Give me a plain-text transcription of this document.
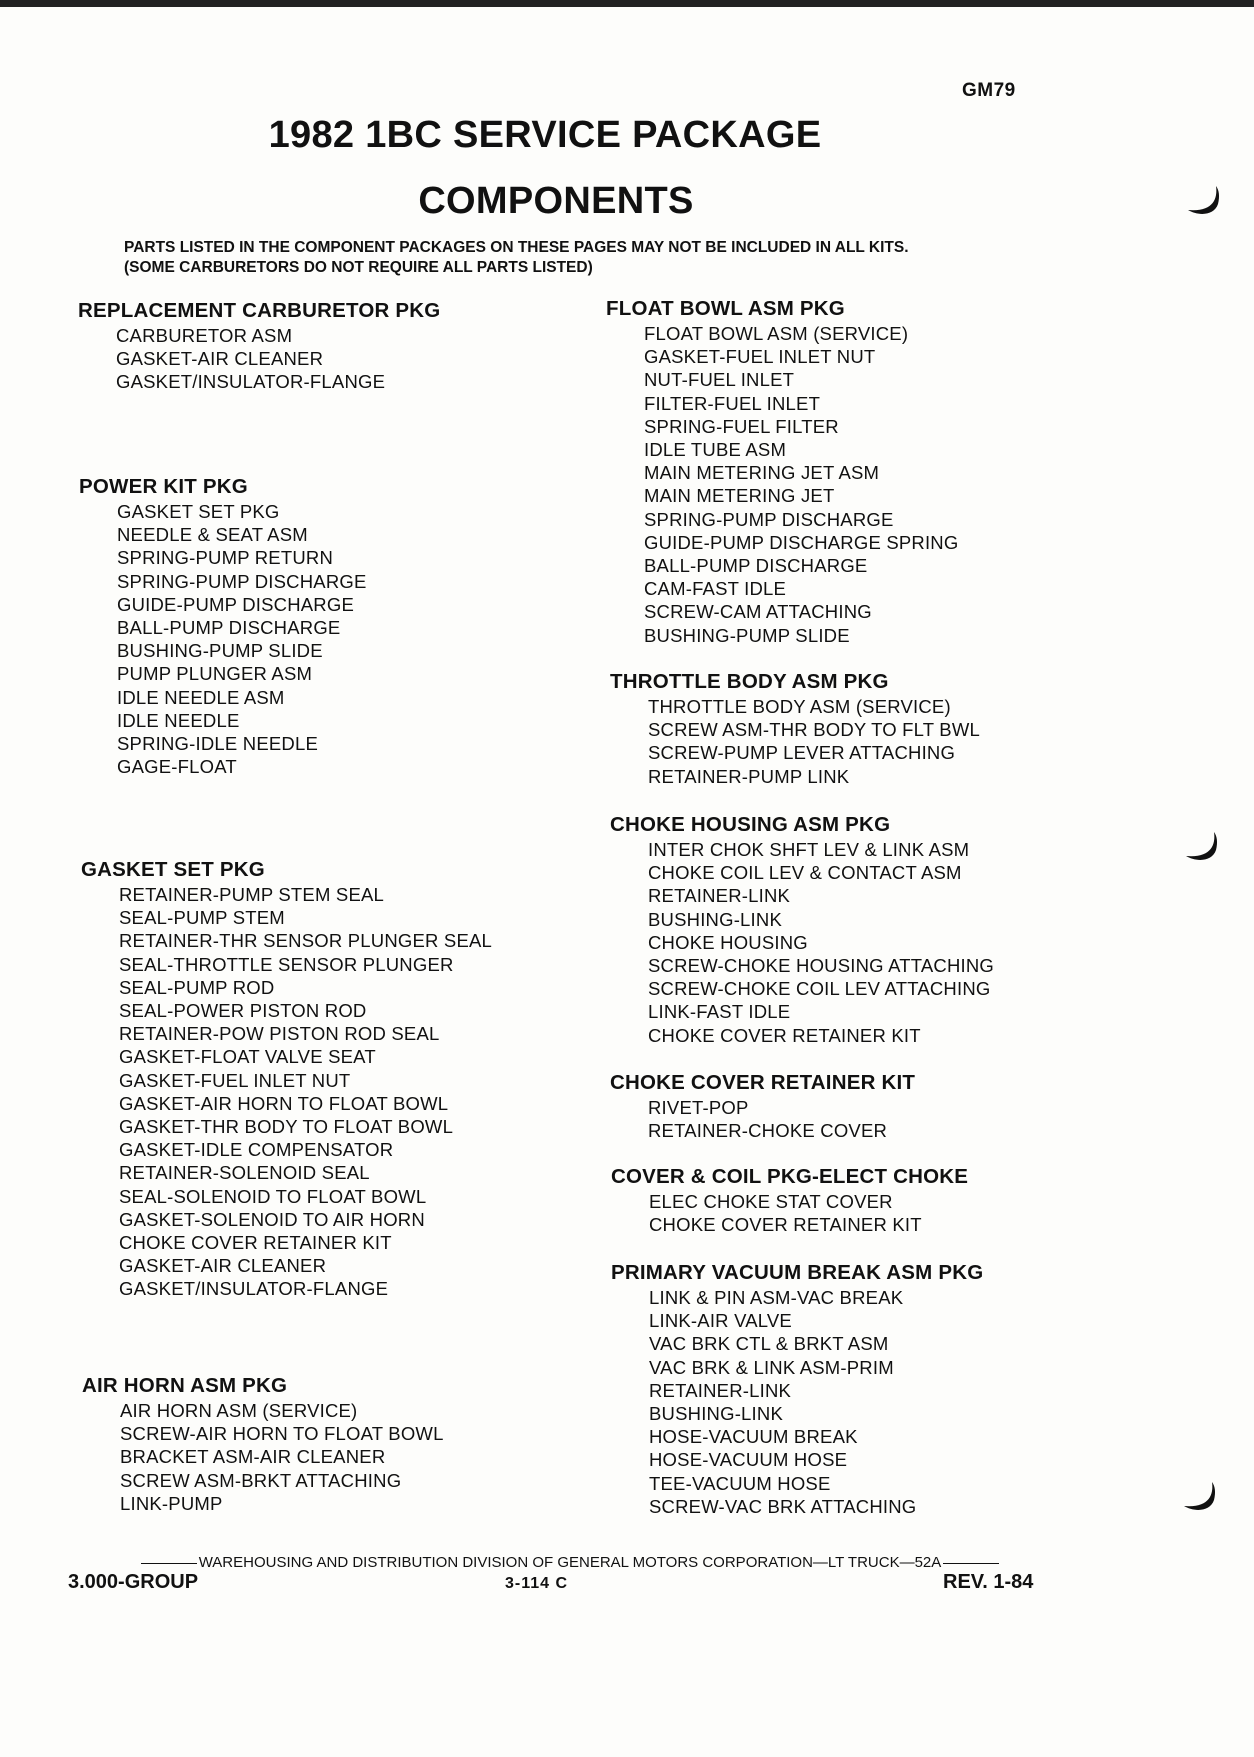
GM79
1982 1BC SERVICE PACKAGE
COMPONENTS
PARTS LISTED IN THE COMPONENT PACKAGES ON THESE PAGES MAY NOT BE INCLUDED IN ALL KITS.
(SOME CARBURETORS DO NOT REQUIRE ALL PARTS LISTED)
REPLACEMENT CARBURETOR PKG
CARBURETOR ASM
GASKET-AIR CLEANER
GASKET/INSULATOR-FLANGE
POWER KIT PKG
GASKET SET PKG
NEEDLE & SEAT ASM
SPRING-PUMP RETURN
SPRING-PUMP DISCHARGE
GUIDE-PUMP DISCHARGE
BALL-PUMP DISCHARGE
BUSHING-PUMP SLIDE
PUMP PLUNGER ASM
IDLE NEEDLE ASM
IDLE NEEDLE
SPRING-IDLE NEEDLE
GAGE-FLOAT
GASKET SET PKG
RETAINER-PUMP STEM SEAL
SEAL-PUMP STEM
RETAINER-THR SENSOR PLUNGER SEAL
SEAL-THROTTLE SENSOR PLUNGER
SEAL-PUMP ROD
SEAL-POWER PISTON ROD
RETAINER-POW PISTON ROD SEAL
GASKET-FLOAT VALVE SEAT
GASKET-FUEL INLET NUT
GASKET-AIR HORN TO FLOAT BOWL
GASKET-THR BODY TO FLOAT BOWL
GASKET-IDLE COMPENSATOR
RETAINER-SOLENOID SEAL
SEAL-SOLENOID TO FLOAT BOWL
GASKET-SOLENOID TO AIR HORN
CHOKE COVER RETAINER KIT
GASKET-AIR CLEANER
GASKET/INSULATOR-FLANGE
AIR HORN ASM PKG
AIR HORN ASM (SERVICE)
SCREW-AIR HORN TO FLOAT BOWL
BRACKET ASM-AIR CLEANER
SCREW ASM-BRKT ATTACHING
LINK-PUMP
FLOAT BOWL ASM PKG
FLOAT BOWL ASM (SERVICE)
GASKET-FUEL INLET NUT
NUT-FUEL INLET
FILTER-FUEL INLET
SPRING-FUEL FILTER
IDLE TUBE ASM
MAIN METERING JET ASM
MAIN METERING JET
SPRING-PUMP DISCHARGE
GUIDE-PUMP DISCHARGE SPRING
BALL-PUMP DISCHARGE
CAM-FAST IDLE
SCREW-CAM ATTACHING
BUSHING-PUMP SLIDE
THROTTLE BODY ASM PKG
THROTTLE BODY ASM (SERVICE)
SCREW ASM-THR BODY TO FLT BWL
SCREW-PUMP LEVER ATTACHING
RETAINER-PUMP LINK
CHOKE HOUSING ASM PKG
INTER CHOK SHFT LEV & LINK ASM
CHOKE COIL LEV & CONTACT ASM
RETAINER-LINK
BUSHING-LINK
CHOKE HOUSING
SCREW-CHOKE HOUSING ATTACHING
SCREW-CHOKE COIL LEV ATTACHING
LINK-FAST IDLE
CHOKE COVER RETAINER KIT
CHOKE COVER RETAINER KIT
RIVET-POP
RETAINER-CHOKE COVER
COVER & COIL PKG-ELECT CHOKE
ELEC CHOKE STAT COVER
CHOKE COVER RETAINER KIT
PRIMARY VACUUM BREAK ASM PKG
LINK & PIN ASM-VAC BREAK
LINK-AIR VALVE
VAC BRK CTL & BRKT ASM
VAC BRK & LINK ASM-PRIM
RETAINER-LINK
BUSHING-LINK
HOSE-VACUUM BREAK
HOSE-VACUUM HOSE
TEE-VACUUM HOSE
SCREW-VAC BRK ATTACHING
WAREHOUSING AND DISTRIBUTION DIVISION OF GENERAL MOTORS CORPORATION—LT TRUCK—52A
3.000-GROUP	3-114 C	REV. 1-84
